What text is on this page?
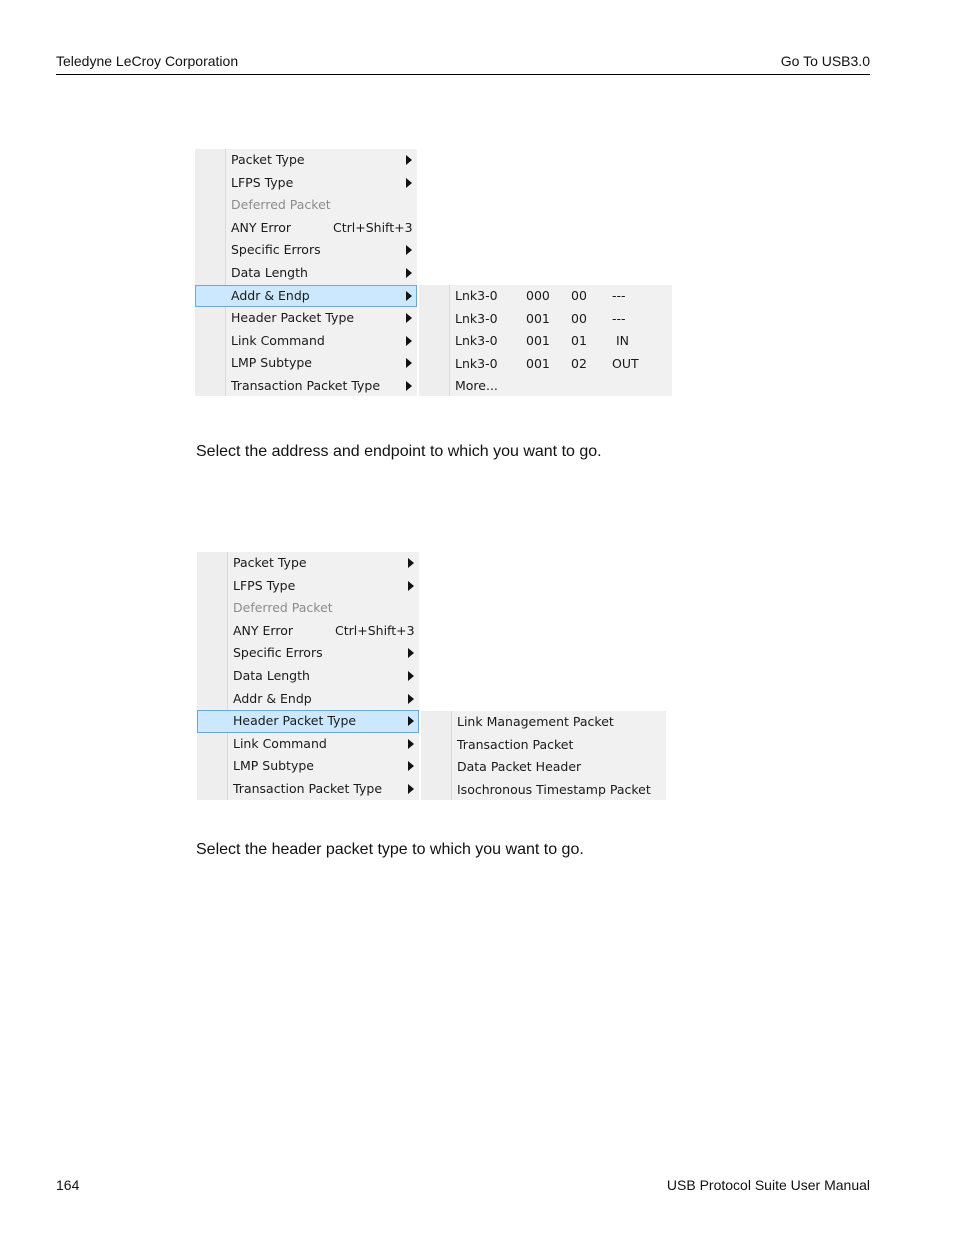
Teledyne LeCroy Corporation	Go To USB3.0
Packet Type
LFPS Type
Deferred Packet
ANY Error	Ctrl+Shift+3
Specific Errors
Data Length
Addr & Endp
Header Packet Type
Link Command
LMP Subtype
Transaction Packet Type
Lnk3-0 000 00 ---
Lnk3-0 001 00 ---
Lnk3-0 001 01 IN
Lnk3-0 001 02 OUT
More...
Select the address and endpoint to which you want to go.
Packet Type
LFPS Type
Deferred Packet
ANY Error	Ctrl+Shift+3
Specific Errors
Data Length
Addr & Endp
Header Packet Type
Link Command
LMP Subtype
Transaction Packet Type
Link Management Packet
Transaction Packet
Data Packet Header
Isochronous Timestamp Packet
Select the header packet type to which you want to go.
164	USB Protocol Suite User Manual
